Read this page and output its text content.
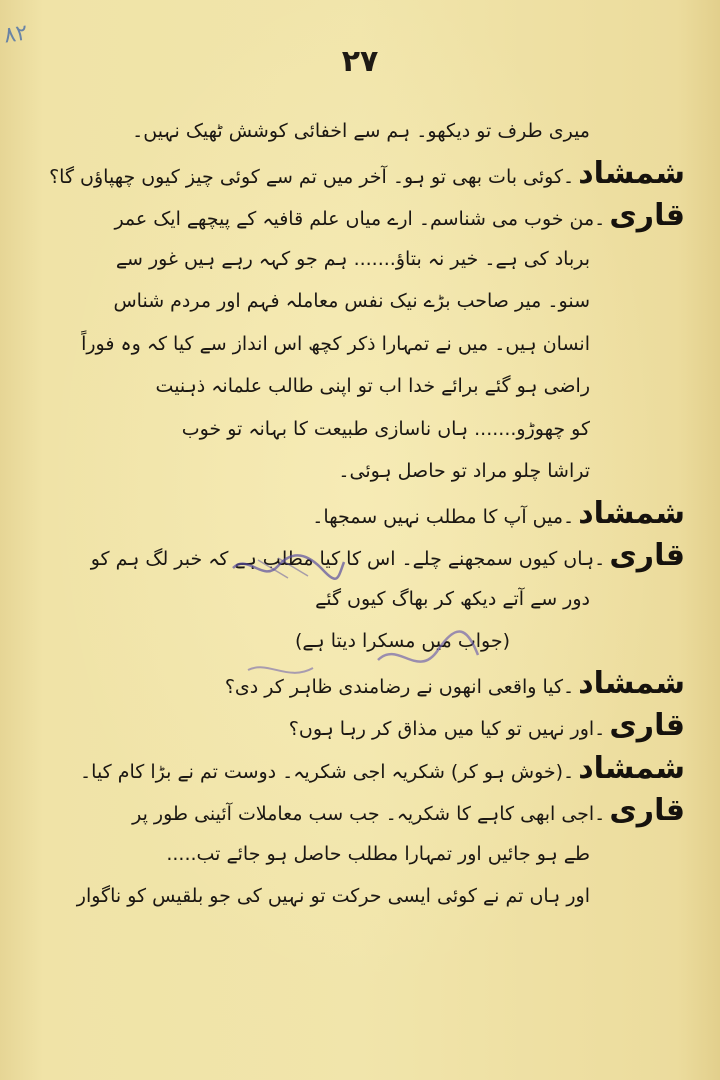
۸۲
۲۷
میری طرف تو دیکھو۔ ہم سے اخفائی کوشش ٹھیک نہیں۔
شمشاد۔کوئی بات بھی تو ہو۔ آخر میں تم سے کوئی چیز کیوں چھپاؤں گا؟
قاری۔من خوب می شناسم۔ ارے میاں علم قافیہ کے پیچھے ایک عمر
برباد کی ہے۔ خیر نہ بتاؤ....... ہم جو کہہ رہے ہیں غور سے
سنو۔ میر صاحب بڑے نیک نفس معاملہ فہم اور مردم شناس
انسان ہیں۔ میں نے تمہارا ذکر کچھ اس انداز سے کیا کہ وہ فوراً
راضی ہو گئے برائے خدا اب تو اپنی طالب علمانہ ذہنیت
کو چھوڑو....... ہاں ناسازی طبیعت کا بہانہ تو خوب
تراشا چلو مراد تو حاصل ہوئی۔
شمشاد۔میں آپ کا مطلب نہیں سمجھا۔
قاری۔ہاں کیوں سمجھنے چلے۔ اس کا کیا مطلب ہے کہ خبر لگ ہم کو
دور سے آتے دیکھ کر بھاگ کیوں گئے
(جواب میں مسکرا دیتا ہے)
شمشاد۔کیا واقعی انھوں نے رضامندی ظاہر کر دی؟
قاری۔اور نہیں تو کیا میں مذاق کر رہا ہوں؟
شمشاد۔(خوش ہو کر) شکریہ اجی شکریہ۔ دوست تم نے بڑا کام کیا۔
قاری۔اجی ابھی کاہے کا شکریہ۔ جب سب معاملات آئینی طور پر
طے ہو جائیں اور تمہارا مطلب حاصل ہو جائے تب.....
اور ہاں تم نے کوئی ایسی حرکت تو نہیں کی جو بلقیس کو ناگوار
